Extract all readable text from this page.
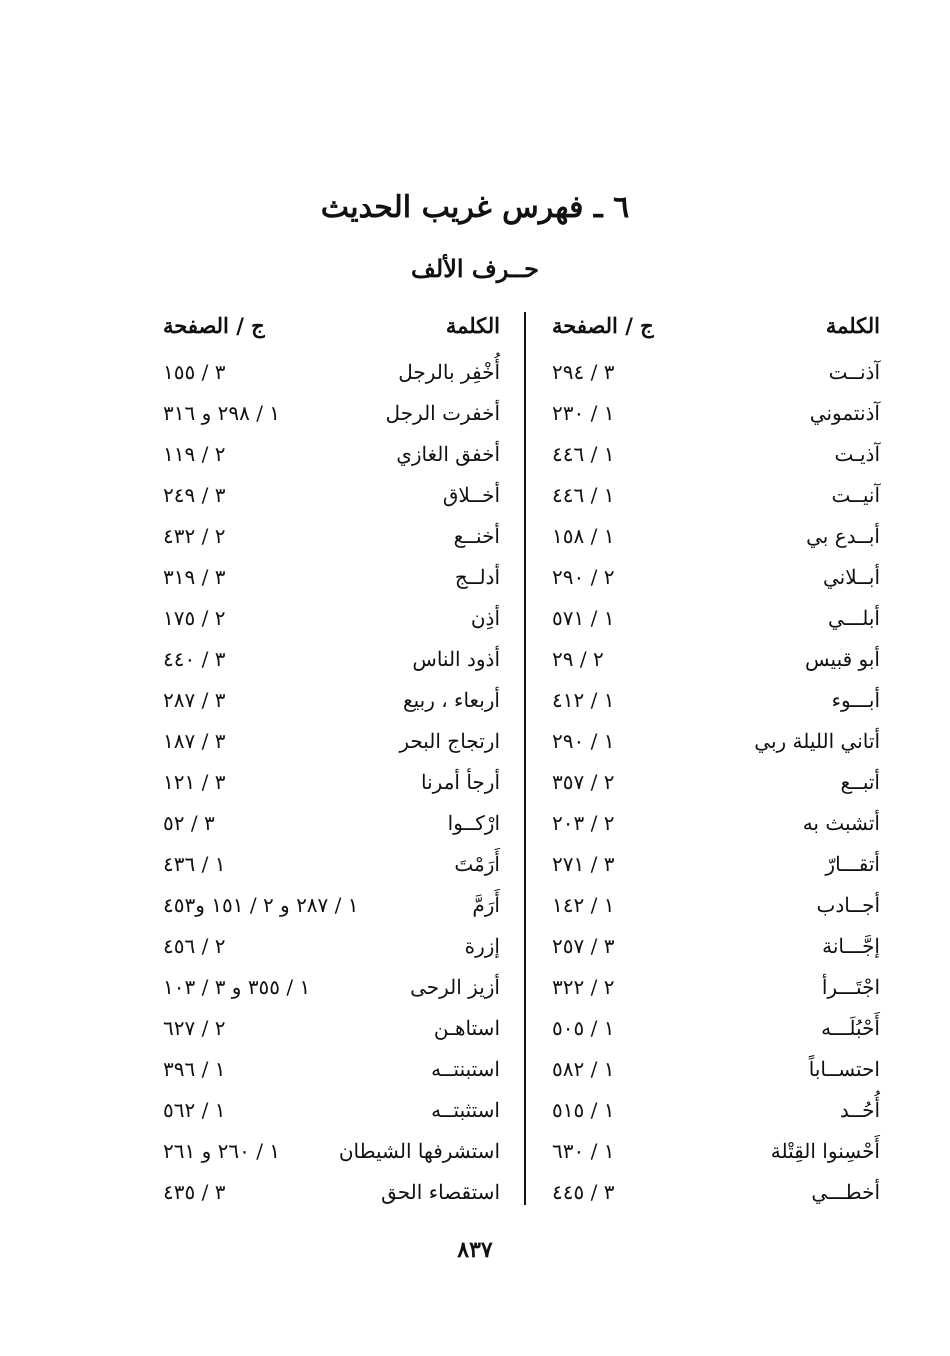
٦ ـ فهرس غريب الحديث
حــرف الألف
الكلمة
ج / الصفحة
آذنــت
٣ / ٢٩٤
آذنتموني
١ / ٢٣٠
آذيـت
١ / ٤٤٦
آنيــت
١ / ٤٤٦
أبــدع بي
١ / ١٥٨
أبــلاني
٢ / ٢٩٠
أبلـــي
١ / ٥٧١
أبو قبيس
٢ / ٢٩
أبـــوء
١ / ٤١٢
أتاني الليلة ربي
١ / ٢٩٠
أتبــع
٢ / ٣٥٧
أتشبث به
٢ / ٢٠٣
أتقـــارّ
٣ / ٢٧١
أجــادب
١ / ١٤٢
إجَّـــانة
٣ / ٢٥٧
اجْتَـــرأ
٢ / ٣٢٢
أَحْبُلَـــه
١ / ٥٠٥
احتســاباً
١ / ٥٨٢
أُحُــد
١ / ٥١٥
أَحْسِنوا القِتْلة
١ / ٦٣٠
أخطـــي
٣ / ٤٤٥
الكلمة
ج / الصفحة
أُخْفِر بالرجل
٣ / ١٥٥
أخفرت الرجل
١ / ٢٩٨ و ٣١٦
أخفق الغازي
٢ / ١١٩
أخــلاق
٣ / ٢٤٩
أخنــع
٢ / ٤٣٢
أدلــج
٣ / ٣١٩
أذِن
٢ / ١٧٥
أذود الناس
٣ / ٤٤٠
أربعاء ، ربيع
٣ / ٢٨٧
ارتجاج البحر
٣ / ١٨٧
أرجأ أمرنا
٣ / ١٢١
ارْكــوا
٣ / ٥٢
أَرَمْتَ
١ / ٤٣٦
أَرَمَّ
١ / ٢٨٧ و ٢ / ١٥١ و٤٥٣
إزرة
٢ / ٤٥٦
أزيز الرحى
١ / ٣٥٥ و ٣ / ١٠٣
استاهـن
٢ / ٦٢٧
استبنتــه
١ / ٣٩٦
استثبتــه
١ / ٥٦٢
استشرفها الشيطان
١ / ٢٦٠ و ٢٦١
استقصاء الحق
٣ / ٤٣٥
٨٣٧
